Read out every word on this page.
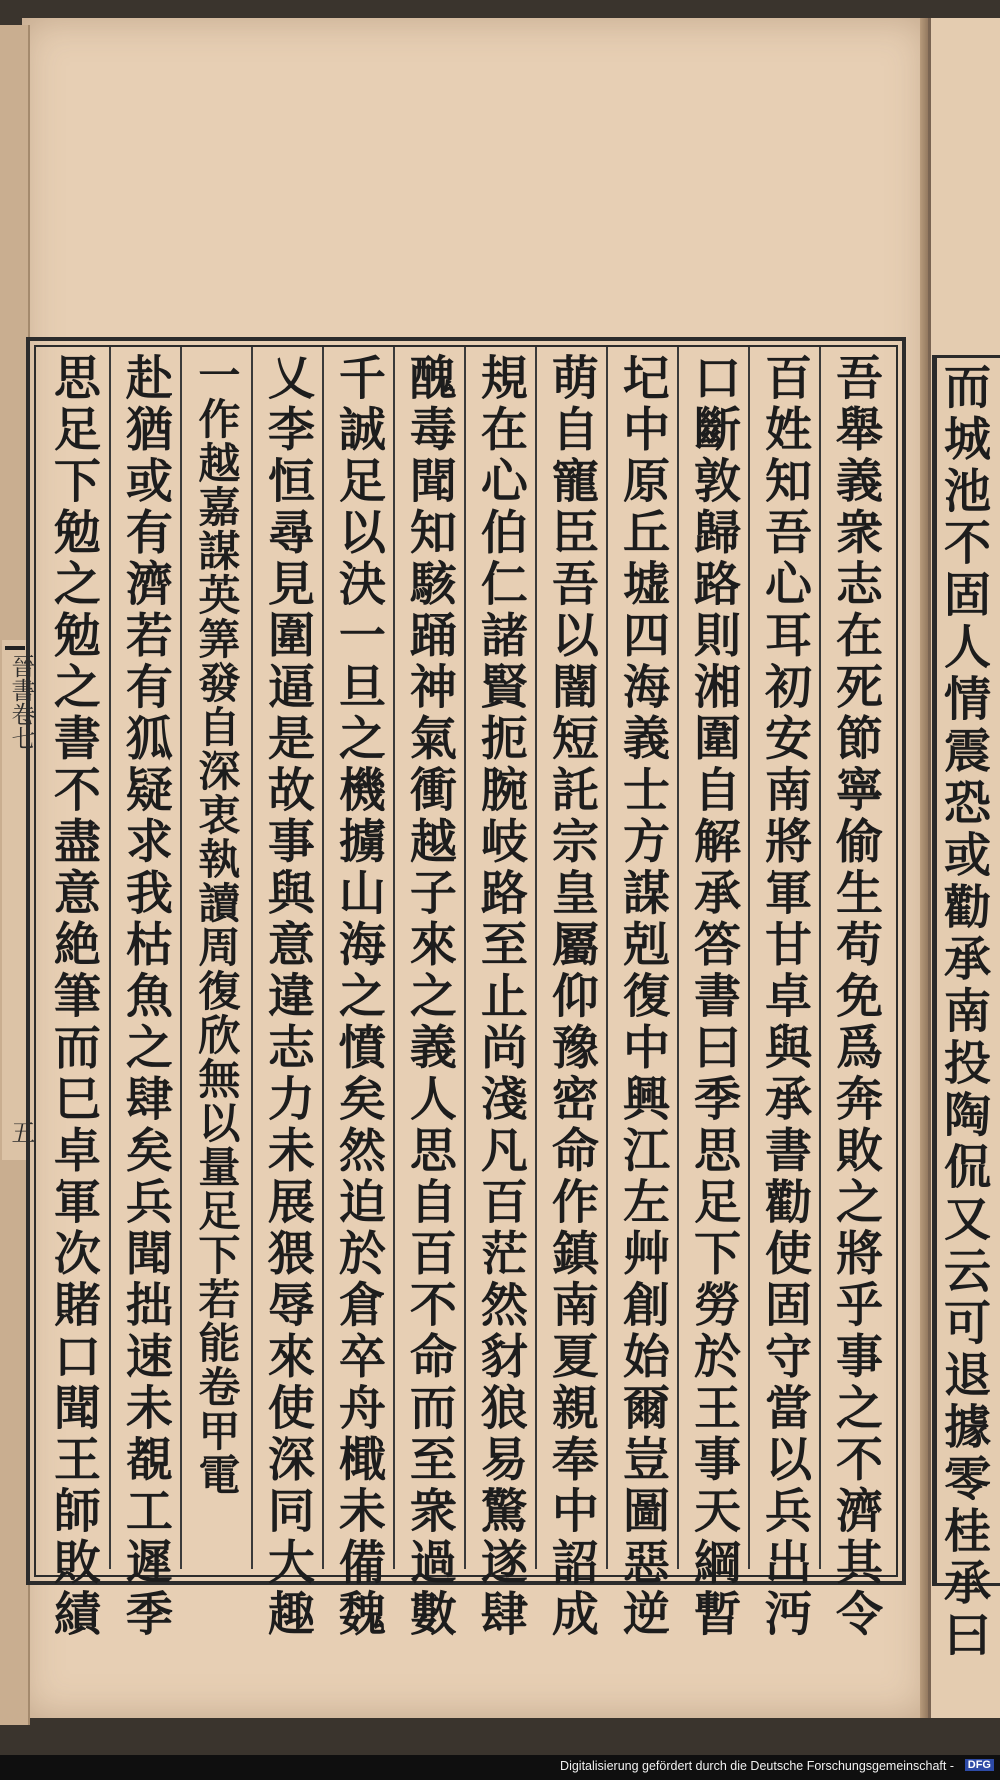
晉書卷七
五	吾舉義衆志在死節寧偷生苟免爲奔敗之將乎事之不濟其令
百姓知吾心耳初安南將軍甘卓與承書勸使固守當以兵出沔
口斷敦歸路則湘圍自解承答書曰季思足下勞於王事天綱暫
圮中原丘墟四海義士方謀剋復中興江左艸創始爾豈圖惡逆
萌自寵臣吾以闇短託宗皇屬仰豫密命作鎮南夏親奉中詔成
規在心伯仁諸賢扼腕岐路至止尚淺凡百茫然豺狼易驚遂肆
醜毒聞知駭踊神氣衝越子來之義人思自百不命而至衆過數
千誠足以決一旦之機擄山海之憤矣然迫於倉卒舟檝未備魏
乂李恒尋見圍逼是故事與意違志力未展猥辱來使深同大趣
一作越嘉謀英筭發自深衷執讀周復欣無以量足下若能卷甲電
赴猶或有濟若有狐疑求我枯魚之肆矣兵聞拙速未覩工遲季
思足下勉之勉之書不盡意絶筆而巳卓軍次賭口聞王師敗績	而城池不固人情震恐或勸承南投陶侃又云可退據零桂承曰
Digitalisierung gefördert durch die Deutsche Forschungsgemeinschaft - DFG
